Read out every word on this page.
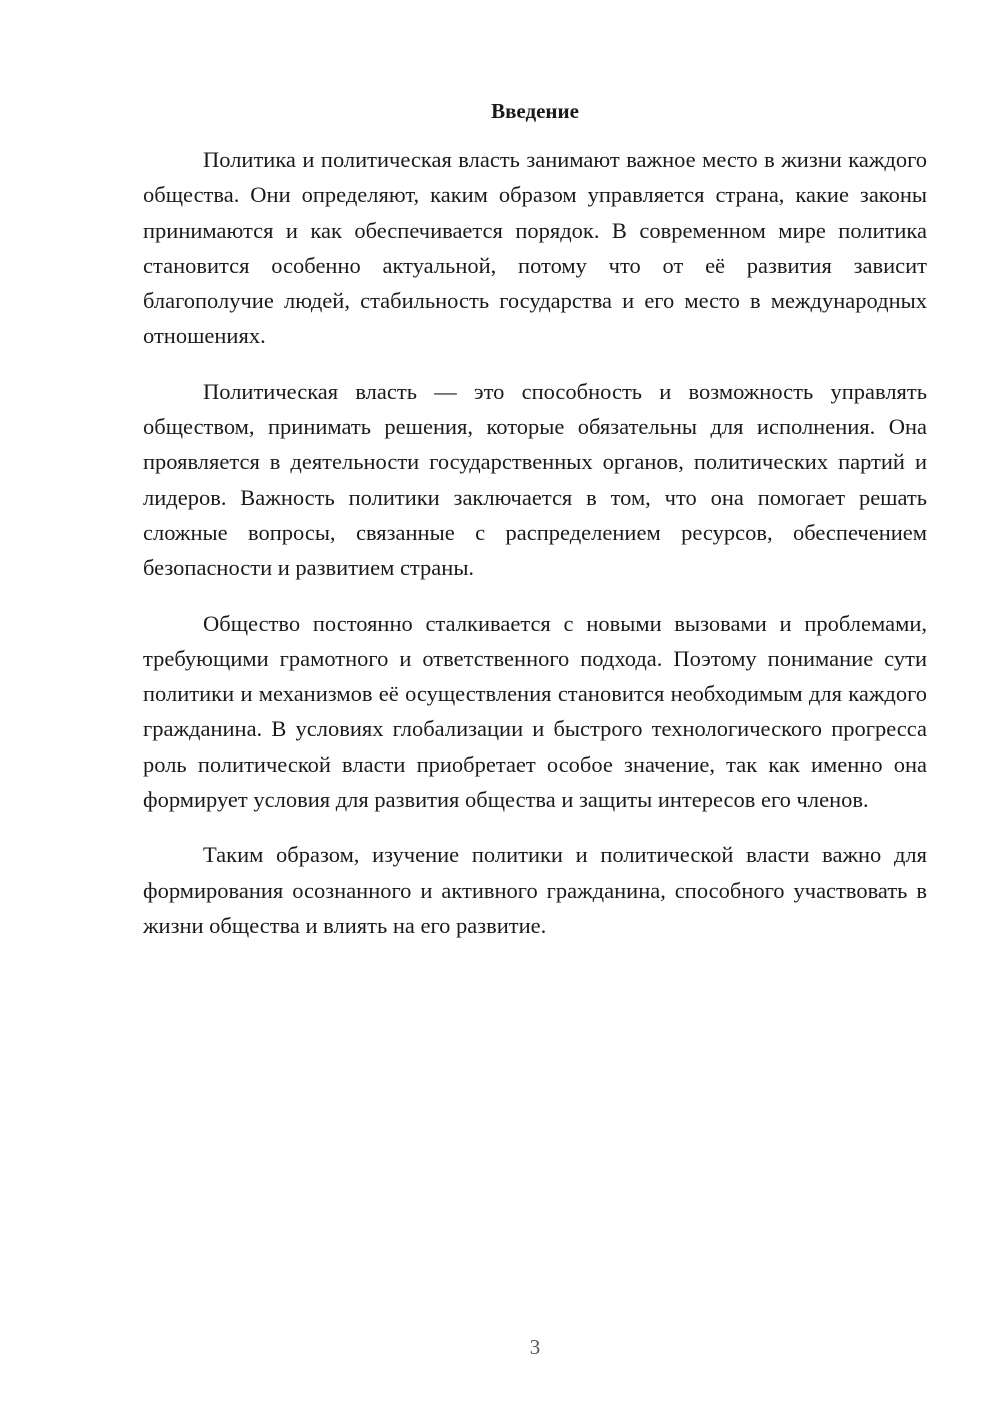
Введение

Политика и политическая власть занимают важное место в жизни каждого общества. Они определяют, каким образом управляется страна, какие законы принимаются и как обеспечивается порядок. В современном мире политика становится особенно актуальной, потому что от её развития зависит благополучие людей, стабильность государства и его место в международных отношениях.

Политическая власть — это способность и возможность управлять обществом, принимать решения, которые обязательны для исполнения. Она проявляется в деятельности государственных органов, политических партий и лидеров. Важность политики заключается в том, что она помогает решать сложные вопросы, связанные с распределением ресурсов, обеспечением безопасности и развитием страны.

Общество постоянно сталкивается с новыми вызовами и проблемами, требующими грамотного и ответственного подхода. Поэтому понимание сути политики и механизмов её осуществления становится необходимым для каждого гражданина. В условиях глобализации и быстрого технологического прогресса роль политической власти приобретает особое значение, так как именно она формирует условия для развития общества и защиты интересов его членов.

Таким образом, изучение политики и политической власти важно для формирования осознанного и активного гражданина, способного участвовать в жизни общества и влиять на его развитие.

3
